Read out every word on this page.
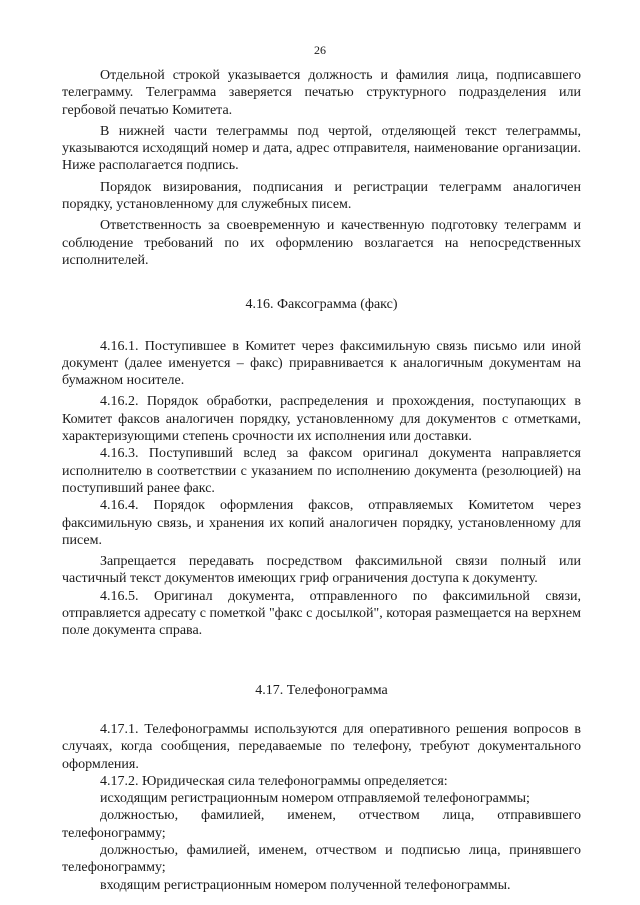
26

Отдельной строкой указывается должность и фамилия лица, подписавшего телеграмму. Телеграмма заверяется печатью структурного подразделения или гербовой печатью Комитета.

В нижней части телеграммы под чертой, отделяющей текст телеграммы, указываются исходящий номер и дата, адрес отправителя, наименование организации. Ниже располагается подпись.

Порядок визирования, подписания и регистрации телеграмм аналогичен порядку, установленному для служебных писем.

Ответственность за своевременную и качественную подготовку телеграмм и соблюдение требований по их оформлению возлагается на непосредственных исполнителей.

4.16. Факсограмма (факс)

4.16.1. Поступившее в Комитет через факсимильную связь письмо или иной документ (далее именуется – факс) приравнивается к аналогичным документам на бумажном носителе.

4.16.2. Порядок обработки, распределения и прохождения, поступающих в Комитет факсов аналогичен порядку, установленному для документов с отметками, характеризующими степень срочности их исполнения или доставки.

4.16.3. Поступивший вслед за факсом оригинал документа направляется исполнителю в соответствии с указанием по исполнению документа (резолюцией) на поступивший ранее факс.

4.16.4. Порядок оформления факсов, отправляемых Комитетом через факсимильную связь, и хранения их копий аналогичен порядку, установленному для писем.

Запрещается передавать посредством факсимильной связи полный или частичный текст документов имеющих гриф ограничения доступа к документу.

4.16.5. Оригинал документа, отправленного по факсимильной связи, отправляется адресату с пометкой "факс с досылкой", которая размещается на верхнем поле документа справа.

4.17. Телефонограмма

4.17.1. Телефонограммы используются для оперативного решения вопросов в случаях, когда сообщения, передаваемые по телефону, требуют документального оформления.

4.17.2. Юридическая сила телефонограммы определяется:

исходящим регистрационным номером отправляемой телефонограммы;

должностью, фамилией, именем, отчеством лица, отправившего телефонограмму;

должностью, фамилией, именем, отчеством и подписью лица, принявшего телефонограмму;

входящим регистрационным номером полученной телефонограммы.
